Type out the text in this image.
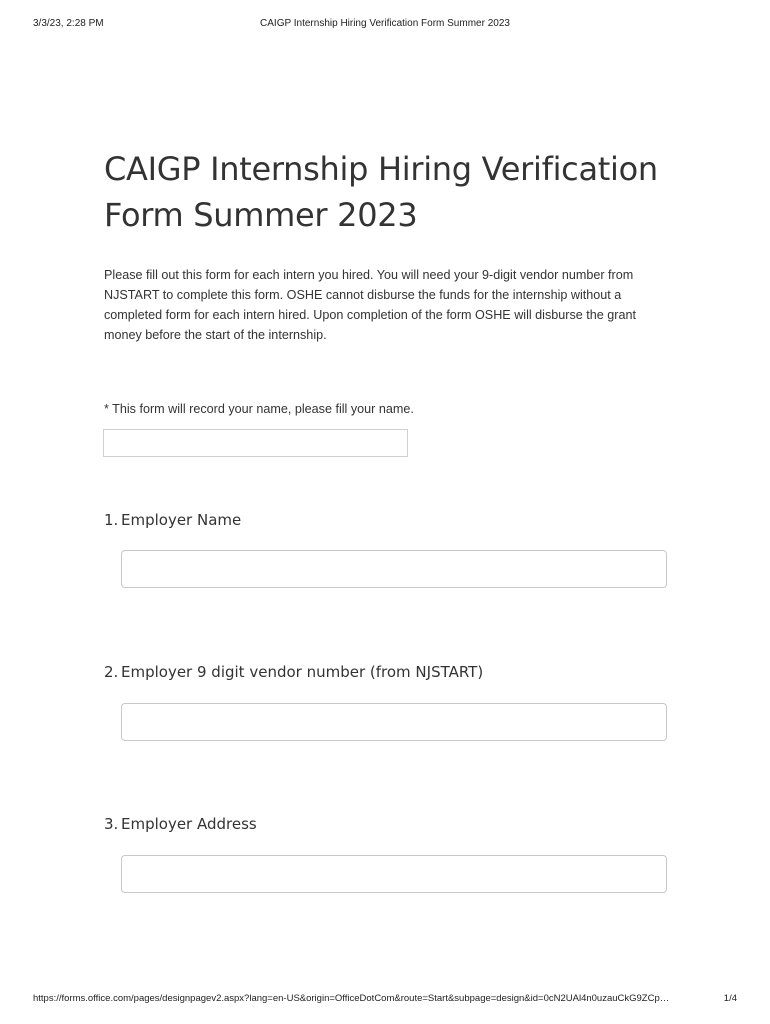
3/3/23, 2:28 PM	CAIGP Internship Hiring Verification Form Summer 2023
CAIGP Internship Hiring Verification Form Summer 2023

Please fill out this form for each intern you hired. You will need your 9-digit vendor number from NJSTART to complete this form. OSHE cannot disburse the funds for the internship without a completed form for each intern hired. Upon completion of the form OSHE will disburse the grant money before the start of the internship.

* This form will record your name, please fill your name.
1. Employer Name
2. Employer 9 digit vendor number (from NJSTART)
3. Employer Address
https://forms.office.com/pages/designpagev2.aspx?lang=en-US&origin=OfficeDotCom&route=Start&subpage=design&id=0cN2UAl4n0uzauCkG9ZCp…	1/4
